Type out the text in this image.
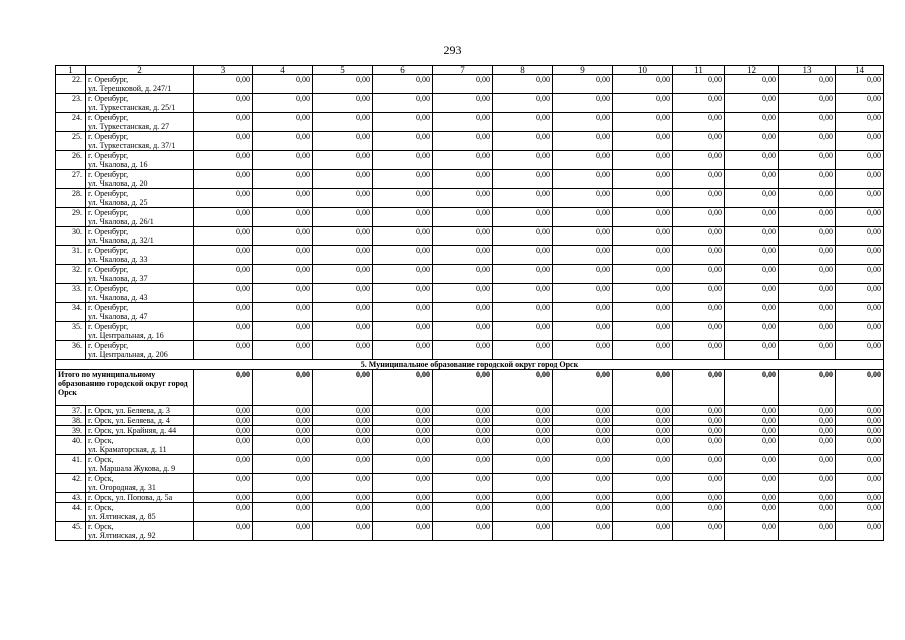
293
1	2	3	4	5	6	7	8	9	10	11	12	13	14
22.	г. Оренбург,
ул. Терешковой, д. 247/1	0,00	0,00	0,00	0,00	0,00	0,00	0,00	0,00	0,00	0,00	0,00	0,00
23.	г. Оренбург,
ул. Туркестанская, д. 25/1	0,00	0,00	0,00	0,00	0,00	0,00	0,00	0,00	0,00	0,00	0,00	0,00
24.	г. Оренбург,
ул. Туркестанская, д. 27	0,00	0,00	0,00	0,00	0,00	0,00	0,00	0,00	0,00	0,00	0,00	0,00
25.	г. Оренбург,
ул. Туркестанская, д. 37/1	0,00	0,00	0,00	0,00	0,00	0,00	0,00	0,00	0,00	0,00	0,00	0,00
26.	г. Оренбург,
ул. Чкалова, д. 16	0,00	0,00	0,00	0,00	0,00	0,00	0,00	0,00	0,00	0,00	0,00	0,00
27.	г. Оренбург,
ул. Чкалова, д. 20	0,00	0,00	0,00	0,00	0,00	0,00	0,00	0,00	0,00	0,00	0,00	0,00
28.	г. Оренбург,
ул. Чкалова, д. 25	0,00	0,00	0,00	0,00	0,00	0,00	0,00	0,00	0,00	0,00	0,00	0,00
29.	г. Оренбург,
ул. Чкалова, д. 26/1	0,00	0,00	0,00	0,00	0,00	0,00	0,00	0,00	0,00	0,00	0,00	0,00
30.	г. Оренбург,
ул. Чкалова, д. 32/1	0,00	0,00	0,00	0,00	0,00	0,00	0,00	0,00	0,00	0,00	0,00	0,00
31.	г. Оренбург,
ул. Чкалова, д. 33	0,00	0,00	0,00	0,00	0,00	0,00	0,00	0,00	0,00	0,00	0,00	0,00
32.	г. Оренбург,
ул. Чкалова, д. 37	0,00	0,00	0,00	0,00	0,00	0,00	0,00	0,00	0,00	0,00	0,00	0,00
33.	г. Оренбург,
ул. Чкалова, д. 43	0,00	0,00	0,00	0,00	0,00	0,00	0,00	0,00	0,00	0,00	0,00	0,00
34.	г. Оренбург,
ул. Чкалова, д. 47	0,00	0,00	0,00	0,00	0,00	0,00	0,00	0,00	0,00	0,00	0,00	0,00
35.	г. Оренбург,
ул. Центральная, д. 16	0,00	0,00	0,00	0,00	0,00	0,00	0,00	0,00	0,00	0,00	0,00	0,00
36.	г. Оренбург,
ул. Центральная, д. 206	0,00	0,00	0,00	0,00	0,00	0,00	0,00	0,00	0,00	0,00	0,00	0,00
5. Муниципальное образование городской округ город Орск													
Итого по муниципальному образованию городской округ город Орск		0,00	0,00	0,00	0,00	0,00	0,00	0,00	0,00	0,00	0,00	0,00	0,00
37.	г. Орск, ул. Беляева, д. 3	0,00	0,00	0,00	0,00	0,00	0,00	0,00	0,00	0,00	0,00	0,00	0,00
38.	г. Орск, ул. Беляева, д. 4	0,00	0,00	0,00	0,00	0,00	0,00	0,00	0,00	0,00	0,00	0,00	0,00
39.	г. Орск, ул. Крайняя, д. 44	0,00	0,00	0,00	0,00	0,00	0,00	0,00	0,00	0,00	0,00	0,00	0,00
40.	г. Орск,
ул. Краматорская, д. 11	0,00	0,00	0,00	0,00	0,00	0,00	0,00	0,00	0,00	0,00	0,00	0,00
41.	г. Орск,
ул. Маршала Жукова, д. 9	0,00	0,00	0,00	0,00	0,00	0,00	0,00	0,00	0,00	0,00	0,00	0,00
42.	г. Орск,
ул. Огородная, д. 31	0,00	0,00	0,00	0,00	0,00	0,00	0,00	0,00	0,00	0,00	0,00	0,00
43.	г. Орск, ул. Попова, д. 5а	0,00	0,00	0,00	0,00	0,00	0,00	0,00	0,00	0,00	0,00	0,00	0,00
44.	г. Орск,
ул. Ялтинская, д. 85	0,00	0,00	0,00	0,00	0,00	0,00	0,00	0,00	0,00	0,00	0,00	0,00
45.	г. Орск,
ул. Ялтинская, д. 92	0,00	0,00	0,00	0,00	0,00	0,00	0,00	0,00	0,00	0,00	0,00	0,00
